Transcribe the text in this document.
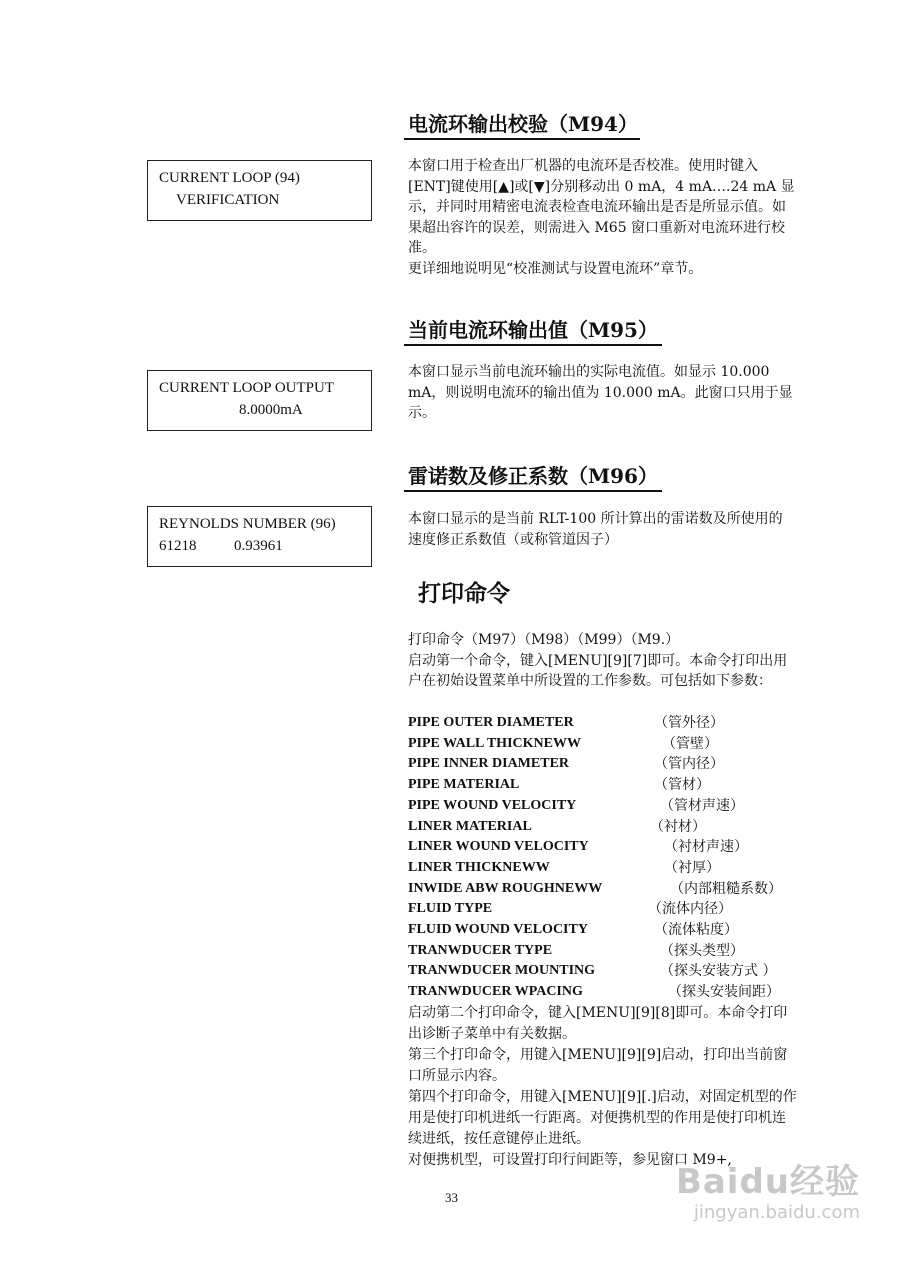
电流环输出校验（M94）
CURRENT LOOP (94)
VERIFICATION

本窗口用于检查出厂机器的电流环是否校准。使用时键入[ENT]键使用[▲]或[▼]分别移动出 0 mA，4 mA….24 mA 显示，并同时用精密电流表检查电流环输出是否是所显示值。如果超出容许的误差，则需进入 M65 窗口重新对电流环进行校准。

更详细地说明见“校准测试与设置电流环”章节。

当前电流环输出值（M95）
CURRENT LOOP OUTPUT
8.0000mA

本窗口显示当前电流环输出的实际电流值。如显示 10.000 mA，则说明电流环的输出值为 10.000 mA。此窗口只用于显示。

雷诺数及修正系数（M96）
REYNOLDS NUMBER (96)
61218          0.93961

本窗口显示的是当前 RLT-100 所计算出的雷诺数及所使用的速度修正系数值（或称管道因子）

打印命令

打印命令（M97）（M98）（M99）（M9.）

启动第一个命令，键入[MENU][9][7]即可。本命令打印出用户在初始设置菜单中所设置的工作参数。可包括如下参数：

PIPE OUTER DIAMETER	（管外径）
PIPE WALL THICKNEWW	（管壁）
PIPE INNER DIAMETER	（管内径）
PIPE MATERIAL	（管材）
PIPE WOUND VELOCITY	（管材声速）
LINER MATERIAL	（衬材）
LINER WOUND VELOCITY	（衬材声速）
LINER THICKNEWW	（衬厚）
INWIDE ABW ROUGHNEWW	（内部粗糙系数）
FLUID TYPE	（流体内径）
FLUID WOUND VELOCITY	（流体粘度）
TRANWDUCER TYPE	（探头类型）
TRANWDUCER MOUNTING	（探头安装方式 ）
TRANWDUCER WPACING	（探头安装间距）

启动第二个打印命令，键入[MENU][9][8]即可。本命令打印出诊断子菜单中有关数据。

第三个打印命令，用键入[MENU][9][9]启动，打印出当前窗口所显示内容。

第四个打印命令，用键入[MENU][9][.]启动，对固定机型的作用是使打印机进纸一行距离。对便携机型的作用是使打印机连续进纸，按任意键停止进纸。

对便携机型，可设置打印行间距等，参见窗口 M9+,

33	Baidu经验
jingyan.baidu.com
